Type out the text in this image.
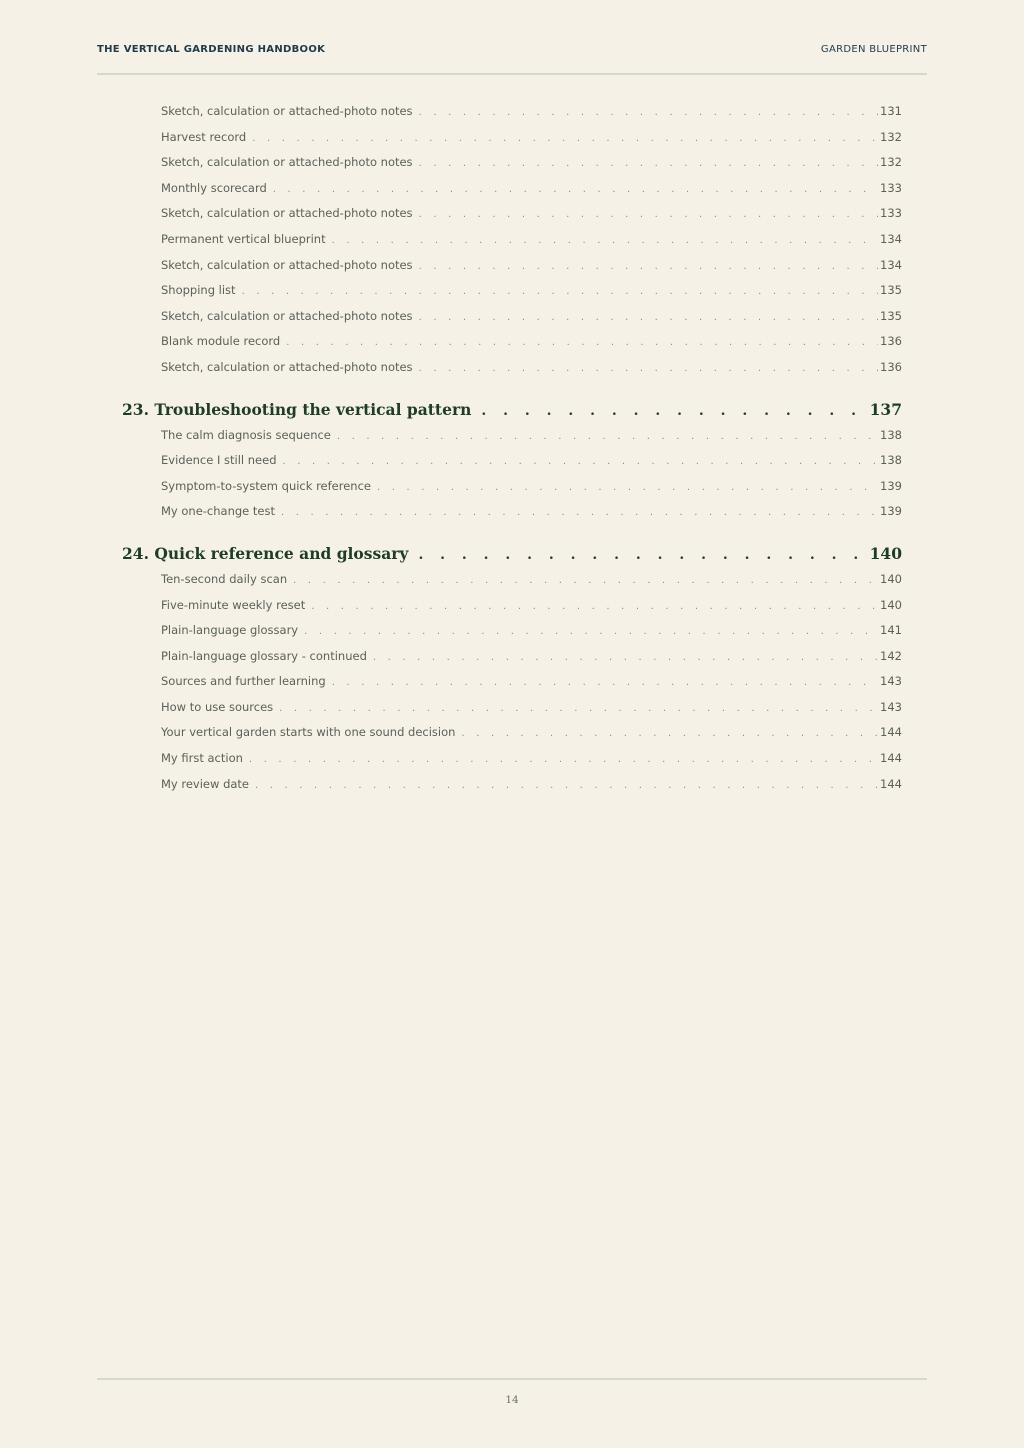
THE VERTICAL GARDENING HANDBOOK	GARDEN BLUEPRINT
Sketch, calculation or attached-photo notes . . .	131
Harvest record . . .	132
Sketch, calculation or attached-photo notes . . .	132
Monthly scorecard . . .	133
Sketch, calculation or attached-photo notes . . .	133
Permanent vertical blueprint . . .	134
Sketch, calculation or attached-photo notes . . .	134
Shopping list . . .	135
Sketch, calculation or attached-photo notes . . .	135
Blank module record . . .	136
Sketch, calculation or attached-photo notes . . .	136
23. Troubleshooting the vertical pattern . . .	137
The calm diagnosis sequence . . .	138
Evidence I still need . . .	138
Symptom-to-system quick reference . . .	139
My one-change test . . .	139
24. Quick reference and glossary . . .	140
Ten-second daily scan . . .	140
Five-minute weekly reset . . .	140
Plain-language glossary . . .	141
Plain-language glossary - continued . . .	142
Sources and further learning . . .	143
How to use sources . . .	143
Your vertical garden starts with one sound decision . . .	144
My first action . . .	144
My review date . . .	144
14
